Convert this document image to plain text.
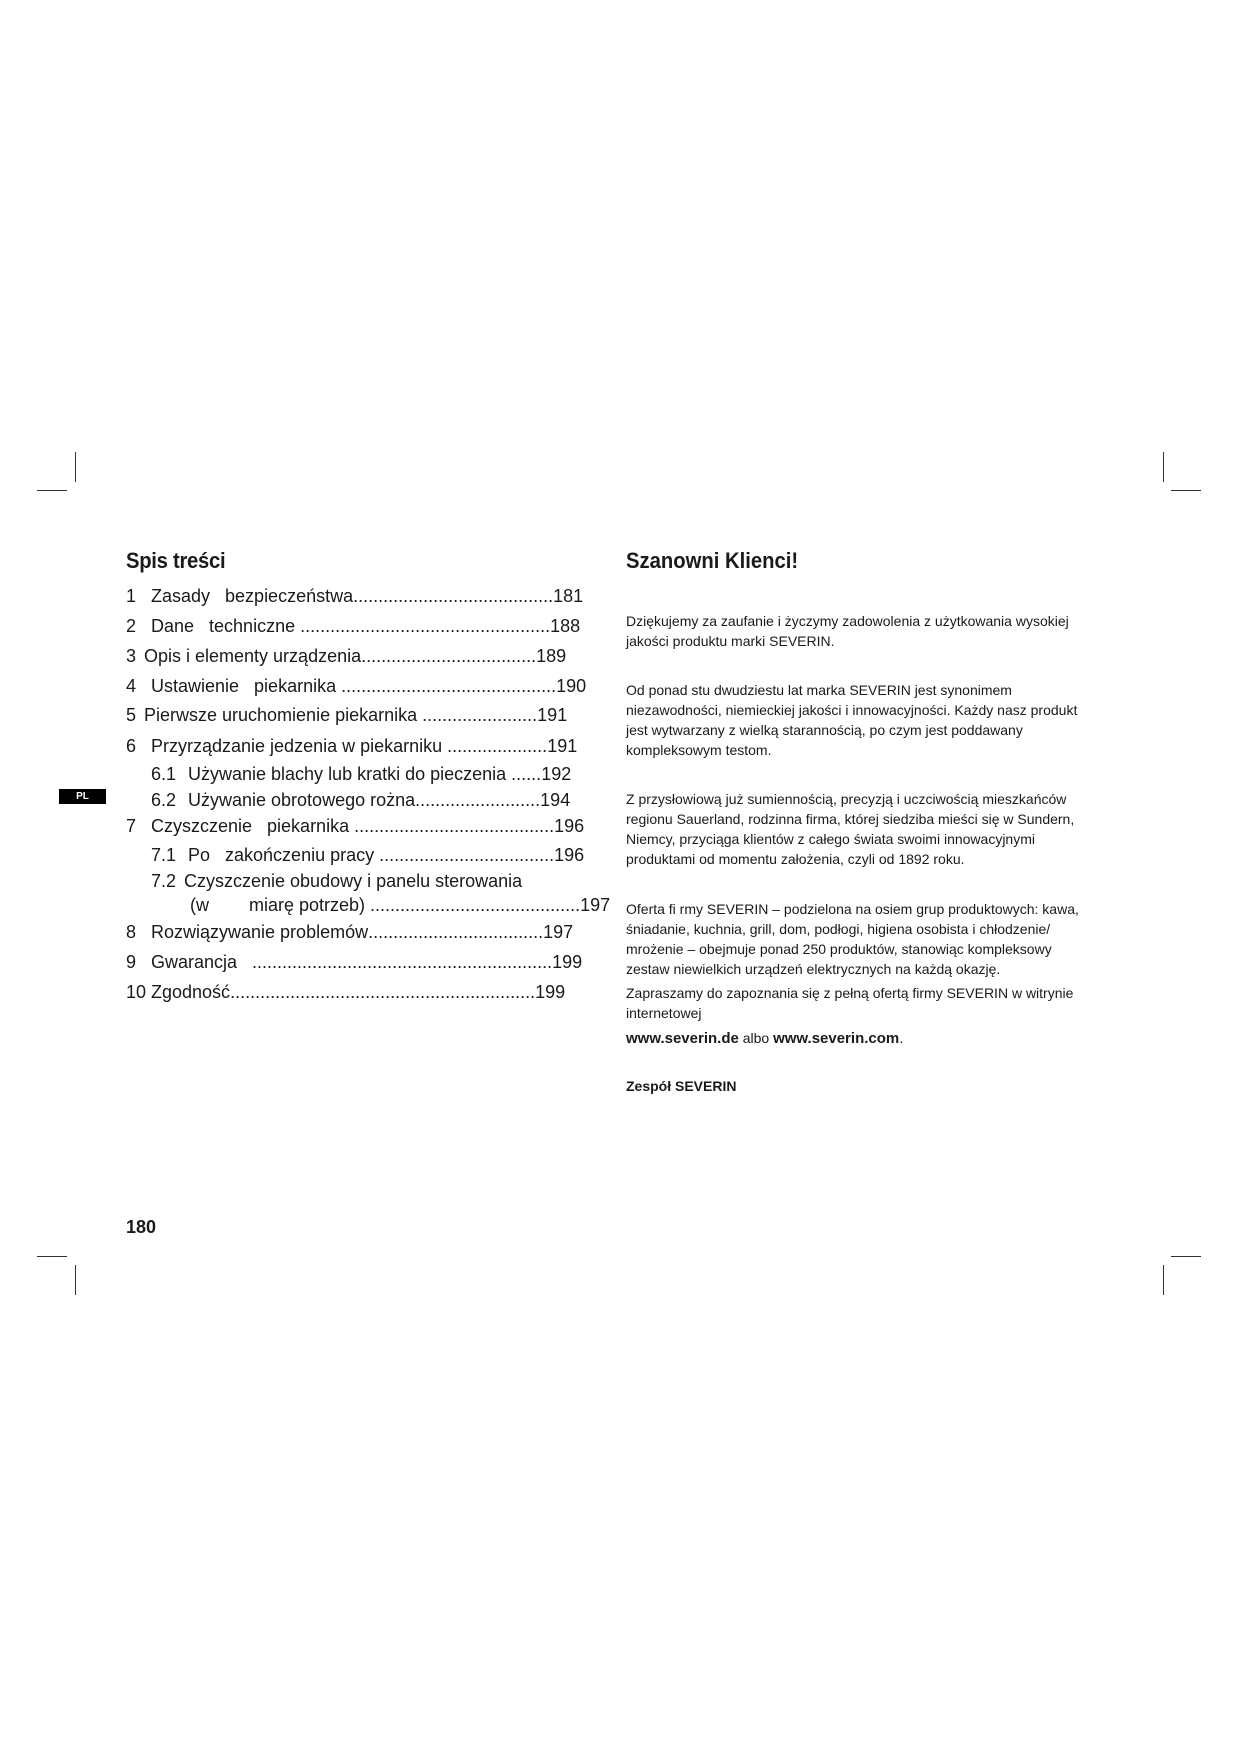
PL
Spis treści
1 Zasady   bezpieczeństwa........................................181
2 Dane   techniczne ..................................................188
3 Opis i elementy urządzenia...................................189
4 Ustawienie   piekarnika ...........................................190
5 Pierwsze uruchomienie piekarnika .......................191
6 Przyrządzanie jedzenia w piekarniku ....................191
6.1 Używanie blachy lub kratki do pieczenia ......192
6.2 Używanie obrotowego rożna.........................194
7 Czyszczenie   piekarnika ........................................196
7.1 Po   zakończeniu pracy ...................................196
7.2 Czyszczenie obudowy i panelu sterowania
(w        miarę potrzeb) ..........................................197
8 Rozwiązywanie problemów...................................197
9 Gwarancja   ............................................................199
10 Zgodność.............................................................199
Szanowni Klienci!

Dziękujemy za zaufanie i życzymy zadowolenia z użytkowania wysokiej jakości produktu marki SEVERIN.

Od ponad stu dwudziestu lat marka SEVERIN jest synonimem niezawodności, niemieckiej jakości i innowacyjności. Każdy nasz produkt jest wytwarzany z wielką starannością, po czym jest poddawany kompleksowym testom.

Z przysłowiową już sumiennością, precyzją i uczciwością mieszkańców regionu Sauerland, rodzinna firma, której siedziba mieści się w Sundern, Niemcy, przyciąga klientów z całego świata swoimi innowacyjnymi produktami od momentu założenia, czyli od 1892 roku.

Oferta fi rmy SEVERIN – podzielona na osiem grup produktowych: kawa, śniadanie, kuchnia, grill, dom, podłogi, higiena osobista i chłodzenie/ mrożenie – obejmuje ponad 250 produktów, stanowiąc kompleksowy zestaw niewielkich urządzeń elektrycznych na każdą okazję.

Zapraszamy do zapoznania się z pełną ofertą firmy SEVERIN w witrynie internetowej

www.severin.de albo www.severin.com.

Zespół SEVERIN

180
